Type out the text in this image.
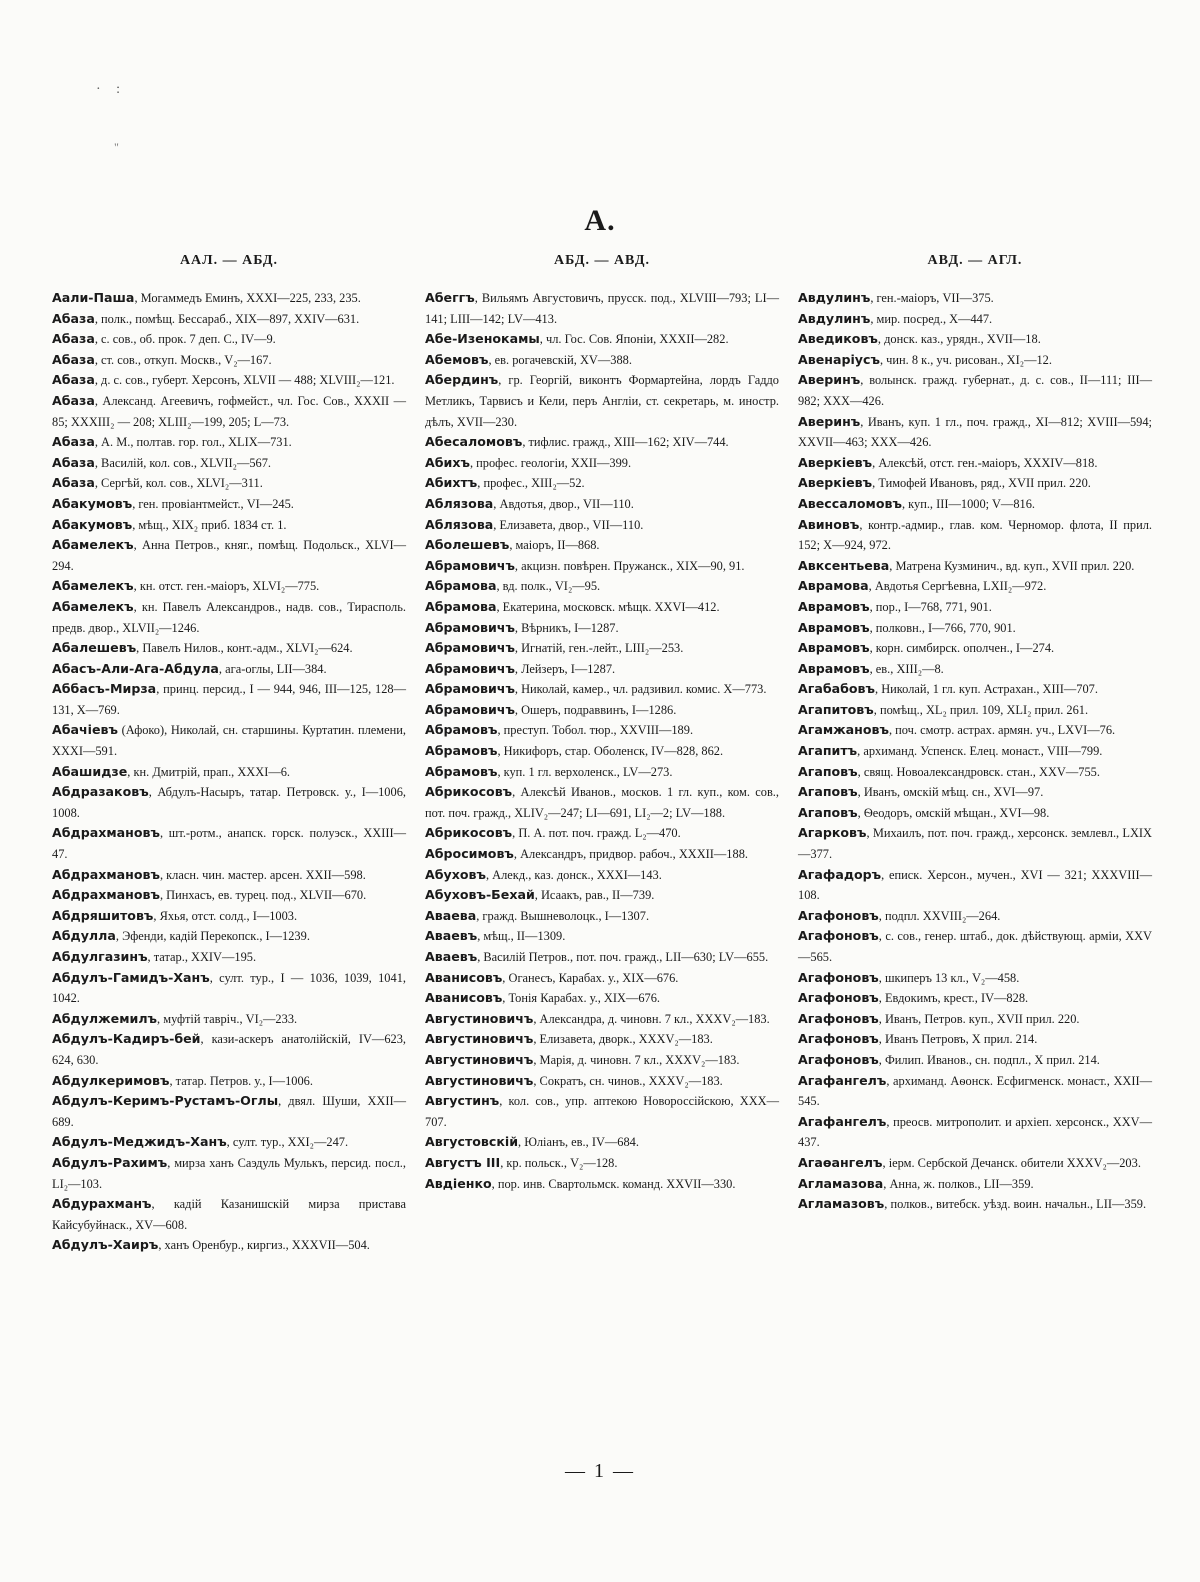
· :
"
А.
ААЛ. — АБД.
Аали-Паша, Могаммедъ Еминъ, XXXI—225, 233, 235.
Абаза, полк., помѣщ. Бессараб., XIX—897, XXIV—631.
Абаза, с. сов., об. прок. 7 деп. С., IV—9.
Абаза, ст. сов., откуп. Москв., V₂—167.
Абаза, д. с. сов., губерт. Херсонъ, XLVII — 488; XLVIII₂—121.
Абаза, Александ. Агеевичъ, гофмейст., чл. Гос. Сов., XXXII — 85; XXXIII₂ — 208; XLIII₂—199, 205; L—73.
Абаза, А. М., полтав. гор. гол., XLIX—731.
Абаза, Василій, кол. сов., XLVII₂—567.
Абаза, Сергѣй, кол. сов., XLVI₂—311.
Абакумовъ, ген. провіантмейст., VI—245.
Абакумовъ, мѣщ., XIX₂ приб. 1834 ст. 1.
Абамелекъ, Анна Петров., княг., помѣщ. Подольск., XLVI—294.
Абамелекъ, кн. отст. ген.-маіоръ, XLVI₂—775.
Абамелекъ, кн. Павелъ Александров., надв. сов., Тирасполь. предв. двор., XLVII₂—1246.
Абалешевъ, Павелъ Нилов., конт.-адм., XLVI₂—624.
Абасъ-Али-Ага-Абдула, ага-оглы, LII—384.
Аббасъ-Мирза, принц. персид., I — 944, 946, III—125, 128—131, X—769.
Абачіевъ (Афоко), Николай, сн. старшины. Куртатин. племени, XXXI—591.
Абашидзе, кн. Дмитрій, прап., XXXI—6.
Абдразаковъ, Абдулъ-Насыръ, татар. Петровск. у., I—1006, 1008.
Абдрахмановъ, шт.-ротм., анапск. горск. полуэск., XXIII—47.
Абдрахмановъ, класн. чин. мастер. арсен. XXII—598.
Абдрахмановъ, Пинхасъ, ев. турец. под., XLVII—670.
Абдряшитовъ, Яхья, отст. солд., I—1003.
Абдулла, Эфенди, кадій Перекопск., I—1239.
Абдулгазинъ, татар., XXIV—195.
Абдулъ-Гамидъ-Ханъ, султ. тур., I — 1036, 1039, 1041, 1042.
Абдулжемилъ, муфтій тавріч., VI₂—233.
Абдулъ-Кадиръ-бей, кази-аскеръ анатолійскій, IV—623, 624, 630.
Абдулкеримовъ, татар. Петров. у., I—1006.
Абдулъ-Керимъ-Рустамъ-Оглы, двял. Шуши, XXII—689.
Абдулъ-Меджидъ-Ханъ, султ. тур., XXI₂—247.
Абдулъ-Рахимъ, мирза ханъ Саэдуль Мулькъ, персид. посл., LI₂—103.
Абдурахманъ, кадій Казанишскій мирза пристава Кайсубуйнаск., XV—608.
Абдулъ-Хаиръ, ханъ Оренбур., киргиз., XXXVII—504.
АБД. — АВД.
Абеггъ, Вильямъ Августовичъ, прусск. под., XLVIII—793; LI—141; LIII—142; LV—413.
Абе-Изенокамы, чл. Гос. Сов. Японіи, XXXII—282.
Абемовъ, ев. рогачевскій, XV—388.
Абердинъ, гр. Георгій, виконтъ Формартейна, лордъ Гаддо Метликъ, Тарвисъ и Кели, перъ Англіи, ст. секретарь, м. иностр. дѣлъ, XVII—230.
Абесаломовъ, тифлис. гражд., XIII—162; XIV—744.
Абихъ, профес. геологіи, XXII—399.
Абихтъ, профес., XIII₂—52.
Аблязова, Авдотья, двор., VII—110.
Аблязова, Елизавета, двор., VII—110.
Аболешевъ, маіоръ, II—868.
Абрамовичъ, акцизн. повѣрен. Пружанск., XIX—90, 91.
Абрамова, вд. полк., VI₂—95.
Абрамова, Екатерина, московск. мѣщк. XXVI—412.
Абрамовичъ, Вѣрникъ, I—1287.
Абрамовичъ, Игнатій, ген.-лейт., LIII₂—253.
Абрамовичъ, Лейзеръ, I—1287.
Абрамовичъ, Николай, камер., чл. радзивил. комис. X—773.
Абрамовичъ, Ошеръ, подраввинъ, I—1286.
Абрамовъ, преступ. Тобол. тюр., XXVIII—189.
Абрамовъ, Никифоръ, стар. Оболенск, IV—828, 862.
Абрамовъ, куп. 1 гл. верхоленск., LV—273.
Абрикосовъ, Алексѣй Иванов., москов. 1 гл. куп., ком. сов., пот. поч. гражд., XLIV₂—247; LI—691, LI₂—2; LV—188.
Абрикосовъ, П. А. пот. поч. гражд. L₂—470.
Абросимовъ, Александръ, придвор. рабоч., XXXII—188.
Абуховъ, Алекд., каз. донск., XXXI—143.
Абуховъ-Бехай, Исаакъ, рав., II—739.
Аваева, гражд. Вышневолоцк., I—1307.
Аваевъ, мѣщ., II—1309.
Аваевъ, Василій Петров., пот. поч. гражд., LII—630; LV—655.
Аванисовъ, Оганесъ, Карабах. у., XIX—676.
Аванисовъ, Тонія Карабах. у., XIX—676.
Августиновичъ, Александра, д. чиновн. 7 кл., XXXV₂—183.
Августиновичъ, Елизавета, дворк., XXXV₂—183.
Августиновичъ, Марія, д. чиновн. 7 кл., XXXV₂—183.
Августиновичъ, Сократъ, сн. чинов., XXXV₂—183.
Августинъ, кол. сов., упр. аптекою Новороссійскою, XXX—707.
Августовскій, Юліанъ, ев., IV—684.
Августъ III, кр. польск., V₂—128.
Авдіенко, пор. инв. Свартольмск. команд. XXVII—330.
АВД. — АГЛ.
Авдулинъ, ген.-маіоръ, VII—375.
Авдулинъ, мир. посред., X—447.
Аведиковъ, донск. каз., урядн., XVII—18.
Авенаріусъ, чин. 8 к., уч. рисован., XI₂—12.
Аверинъ, волынск. гражд. губернат., д. с. сов., II—111; III—982; XXX—426.
Аверинъ, Иванъ, куп. 1 гл., поч. гражд., XI—812; XVIII—594; XXVII—463; XXX—426.
Аверкіевъ, Алексѣй, отст. ген.-маіоръ, XXXIV—818.
Аверкіевъ, Тимофей Ивановъ, ряд., XVII прил. 220.
Авессаломовъ, куп., III—1000; V—816.
Авиновъ, контр.-адмир., глав. ком. Черномор. флота, II прил. 152; X—924, 972.
Авксентьева, Матрена Кузминич., вд. куп., XVII прил. 220.
Аврамова, Авдотья Сергѣевна, LXII₂—972.
Аврамовъ, пор., I—768, 771, 901.
Аврамовъ, полковн., I—766, 770, 901.
Аврамовъ, корн. симбирск. ополчен., I—274.
Аврамовъ, ев., XIII₂—8.
Агабабовъ, Николай, 1 гл. куп. Астрахан., XIII—707.
Агапитовъ, помѣщ., XL₂ прил. 109, XLI₂ прил. 261.
Агамжановъ, поч. смотр. астрах. армян. уч., LXVI—76.
Агапитъ, архиманд. Успенск. Елец. монаст., VIII—799.
Агаповъ, свящ. Новоалександровск. стан., XXV—755.
Агаповъ, Иванъ, омскій мѣщ. сн., XVI—97.
Агаповъ, Ѳеодоръ, омскій мѣщан., XVI—98.
Агарковъ, Михаилъ, пот. поч. гражд., херсонск. землевл., LXIX—377.
Агафадоръ, еписк. Херсон., мучен., XVI — 321; XXXVIII—108.
Агафоновъ, подпл. XXVIII₂—264.
Агафоновъ, с. сов., генер. штаб., док. дѣйствующ. арміи, XXV—565.
Агафоновъ, шкиперъ 13 кл., V₂—458.
Агафоновъ, Евдокимъ, крест., IV—828.
Агафоновъ, Иванъ, Петров. куп., XVII прил. 220.
Агафоновъ, Иванъ Петровъ, X прил. 214.
Агафоновъ, Филип. Иванов., сн. подпл., X прил. 214.
Агафангелъ, архиманд. Аѳонск. Есфигменск. монаст., XXII—545.
Агафангелъ, преосв. митрополит. и архіеп. херсонск., XXV—437.
Агаѳангелъ, іерм. Сербской Дечанск. обители XXXV₂—203.
Агламазова, Анна, ж. полков., LII—359.
Агламазовъ, полков., витебск. уѣзд. воин. начальн., LII—359.
— 1 —
